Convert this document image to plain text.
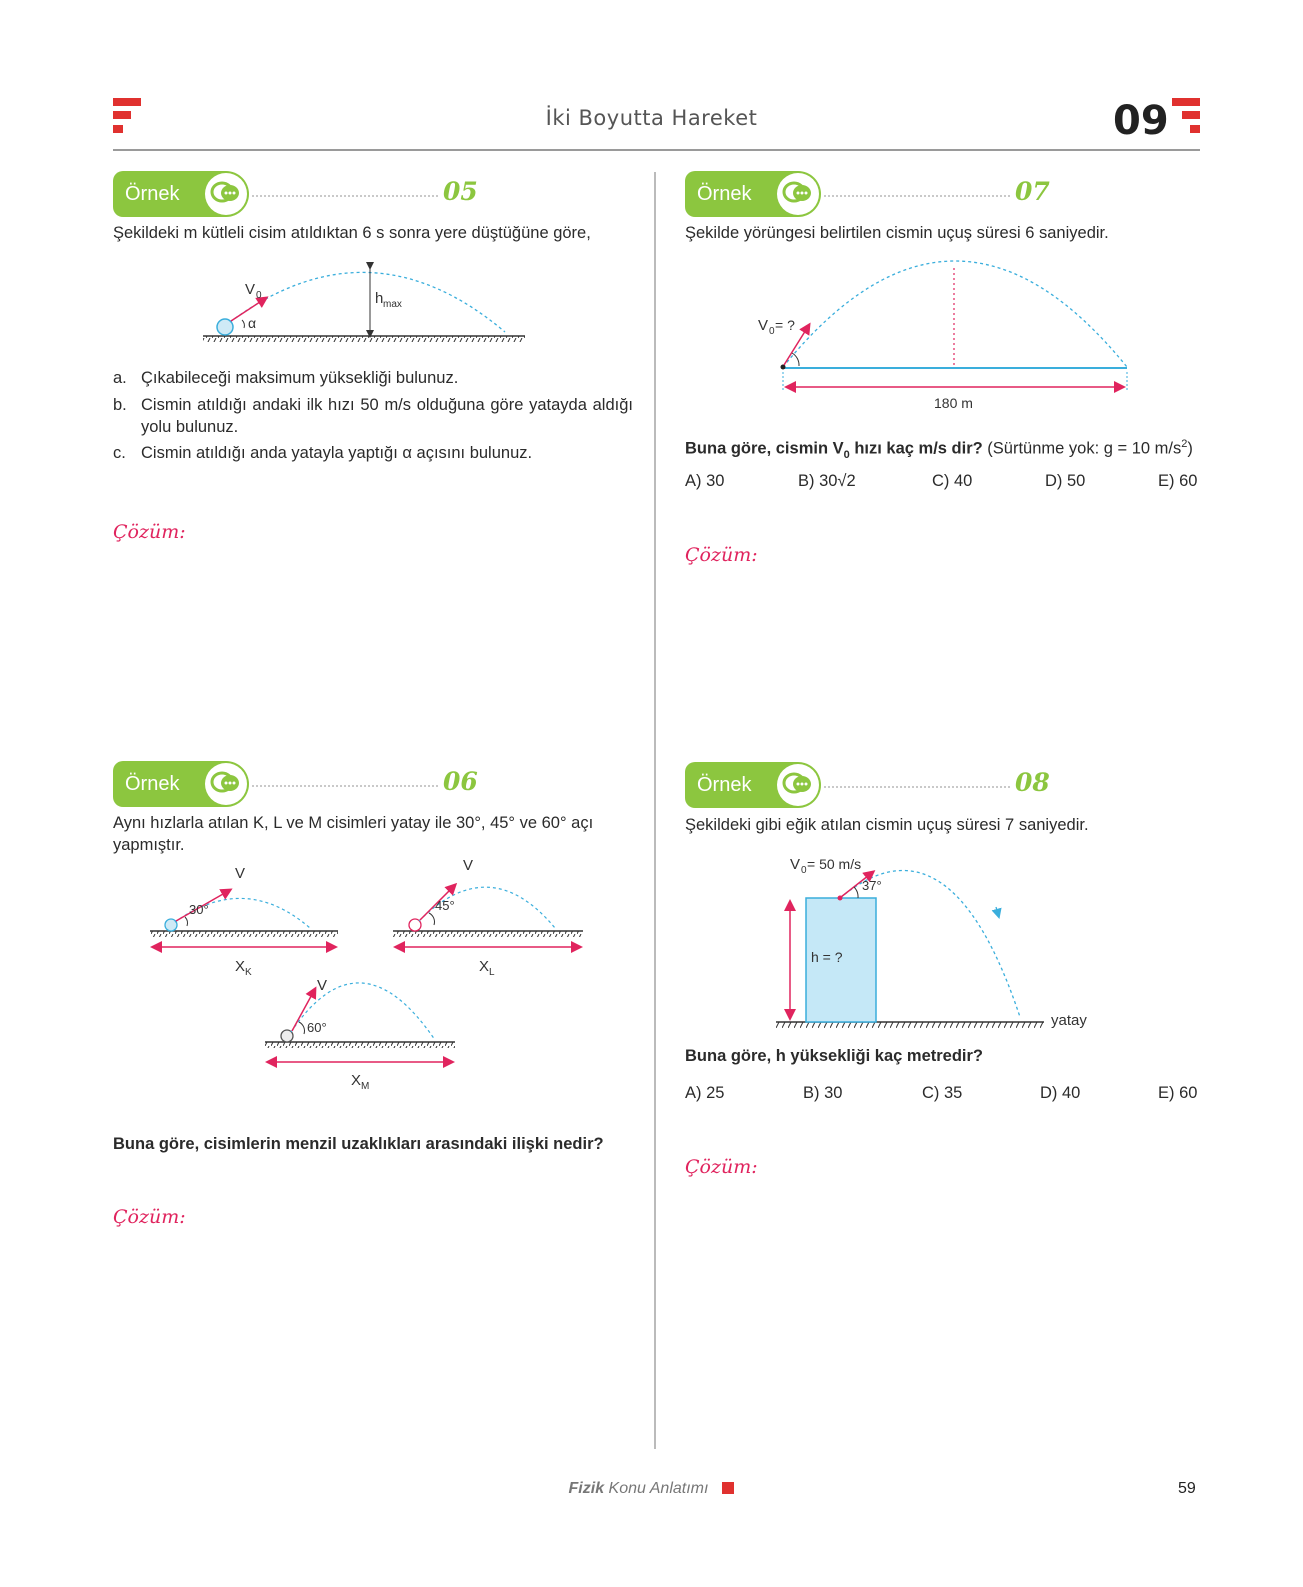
İki Boyutta Hareket	09
Örnek	05
Şekildeki m kütleli cisim atıldıktan 6 s sonra yere düştüğüne göre,
V 0
α
h max
a. Çıkabileceği maksimum yüksekliği bulunuz.
b. Cismin atıldığı andaki ilk hızı 50 m/s olduğuna göre yatayda aldığı yolu bulunuz.
c. Cismin atıldığı anda yatayla yaptığı α açısını bulunuz.
Çözüm:
Örnek	06
Aynı hızlarla atılan K, L ve M cisimleri yatay ile 30°, 45° ve 60° açı yapmıştır.
V
30°
X K
V
45°
X L
V
60°
X M
Buna göre, cisimlerin menzil uzaklıkları arasındaki ilişki nedir?
Çözüm:
Örnek	07
Şekilde yörüngesi belirtilen cismin uçuş süresi 6 saniyedir.
V 0 = ?
180 m
Buna göre, cismin $V_0$ hızı kaç m/s dir? (Sürtünme yok: g = 10 $m/s^2$)
A) 30	B) 30√2	C) 40	D) 50	E) 60
Çözüm:
Örnek	08
Şekildeki gibi eğik atılan cismin uçuş süresi 7 saniyedir.
V 0 = 50 m/s
37°
h = ?
yatay
Buna göre, h yüksekliği kaç metredir?
A) 25	B) 30	C) 35	D) 40	E) 60
Çözüm:
Fizik Konu Anlatımı	59
